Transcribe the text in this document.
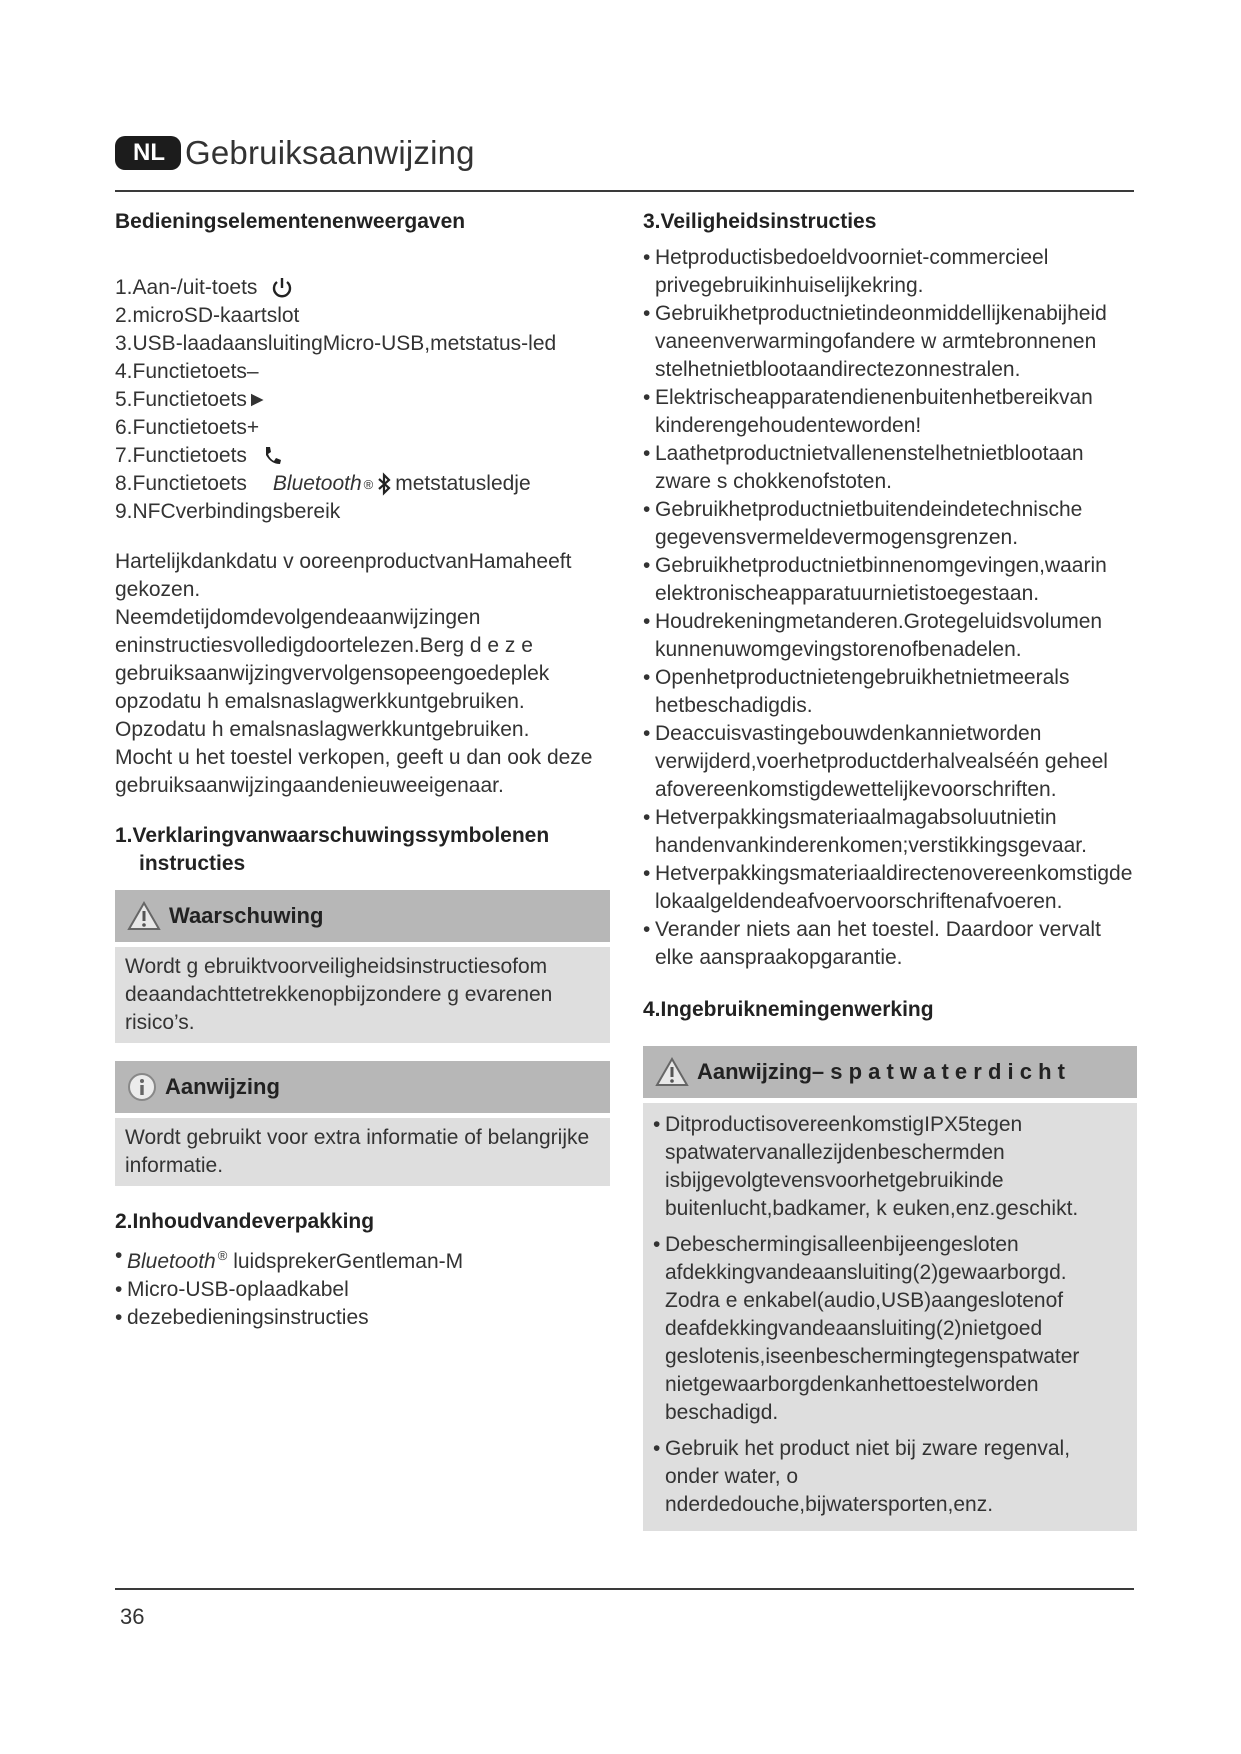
NL Gebruiksaanwijzing
Bedieningselementenenweergaven
1.Aan-/uit-toets
2.microSD-kaartslot
3.USB-laadaansluitingMicro-USB,metstatus-led
4.Functietoets–
5.Functietoets►
6.Functietoets+
7.Functietoets
8.Functietoets Bluetooth ® metstatusledje
9.NFCverbindingsbereik
Hartelijkdankdatu v ooreenproductvanHamaheeft
gekozen.
Neemdetijdomdevolgendeaanwijzingen
eninstructiesvolledigdoortelezen.Berg d e z e
gebruiksaanwijzingvervolgensopeengoedeplek
opzodatu h emalsnaslagwerkkuntgebruiken.
Opzodatu h emalsnaslagwerkkuntgebruiken.
Mocht u het toestel verkopen, geeft u dan ook deze
gebruiksaanwijzingaandenieuweeigenaar.
1.Verklaringvanwaarschuwingssymbolenen
instructies
Waarschuwing
Wordt g ebruiktvoorveiligheidsinstructiesofom deaandachttetrekkenopbijzondere g evarenen risico’s.
Aanwijzing
Wordt gebruikt voor extra informatie of belangrijke informatie.
2.Inhoudvandeverpakking
• Bluetooth ® luidsprekerGentleman-M
• Micro-USB-oplaadkabel
• dezebedieningsinstructies
3.Veiligheidsinstructies
• Hetproductisbedoeldvoorniet-commercieel privegebruikinhuiselijkekring.
• Gebruikhetproductnietindeonmiddellijkenabijheid vaneenverwarmingofandere w armtebronnenen stelhetnietblootaandirectezonnestralen.
• Elektrischeapparatendienenbuitenhetbereikvan kinderengehoudenteworden!
• Laathetproductnietvallenenstelhetnietblootaan zware s chokkenofstoten.
• Gebruikhetproductnietbuitendeindetechnische gegevensvermeldevermogensgrenzen.
• Gebruikhetproductnietbinnenomgevingen,waarin elektronischeapparatuurnietistoegestaan.
• Houdrekeningmetanderen.Grotegeluidsvolumen kunnenuwomgevingstorenofbenadelen.
• Openhetproductnietengebruikhetnietmeerals hetbeschadigdis.
• Deaccuisvastingebouwdenkannietworden verwijderd,voerhetproductderhalvealséén geheel afovereenkomstigdewettelijkevoorschriften.
• Hetverpakkingsmateriaalmagabsoluutnietin handenvankinderenkomen;verstikkingsgevaar.
• Hetverpakkingsmateriaaldirectenovereenkomstigde lokaalgeldendeafvoervoorschriftenafvoeren.
• Verander niets aan het toestel. Daardoor vervalt elke aanspraakopgarantie.
4.Ingebruiknemingenwerking
Aanwijzing– s p a t w a t e r d i c h t
• DitproductisovereenkomstigIPX5tegen spatwatervanallezijdenbeschermden isbijgevolgtevensvoorhetgebruikinde buitenlucht,badkamer, k euken,enz.geschikt.
• Debeschermingisalleenbijeengesloten afdekkingvandeaansluiting(2)gewaarborgd. Zodra e enkabel(audio,USB)aangeslotenof deafdekkingvandeaansluiting(2)nietgoed geslotenis,iseenbeschermingtegenspatwater nietgewaarborgdenkanhettoestelworden beschadigd.
• Gebruik het product niet bij zware regenval, onder water, o nderdedouche,bijwatersporten,enz.
36
